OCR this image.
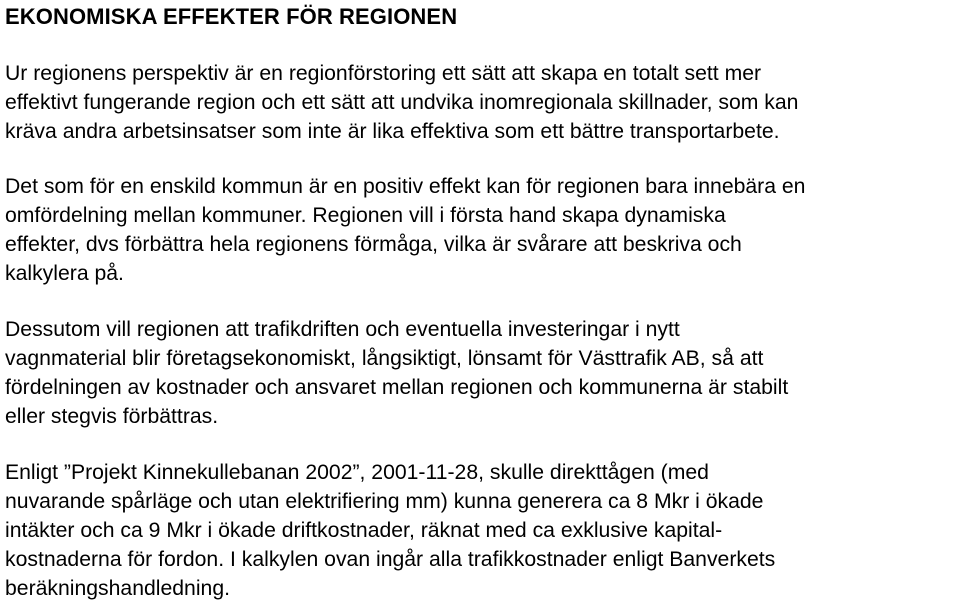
EKONOMISKA EFFEKTER FÖR REGIONEN

Ur regionens perspektiv är en regionförstoring ett sätt att skapa en totalt sett mer
effektivt fungerande region och ett sätt att undvika inomregionala skillnader, som kan
kräva andra arbetsinsatser som inte är lika effektiva som ett bättre transportarbete.

Det som för en enskild kommun är en positiv effekt kan för regionen bara innebära en
omfördelning mellan kommuner. Regionen vill i första hand skapa dynamiska
effekter, dvs förbättra hela regionens förmåga, vilka är svårare att beskriva och
kalkylera på.

Dessutom vill regionen att trafikdriften och eventuella investeringar i nytt
vagnmaterial blir företagsekonomiskt, långsiktigt, lönsamt för Västtrafik AB, så att
fördelningen av kostnader och ansvaret mellan regionen och kommunerna är stabilt
eller stegvis förbättras.

Enligt ”Projekt Kinnekullebanan 2002”, 2001-11-28, skulle direkttågen (med
nuvarande spårläge och utan elektrifiering mm) kunna generera ca 8 Mkr i ökade
intäkter och ca 9 Mkr i ökade driftkostnader, räknat med ca exklusive kapital-
kostnaderna för fordon. I kalkylen ovan ingår alla trafikkostnader enligt Banverkets
beräkningshandledning.
